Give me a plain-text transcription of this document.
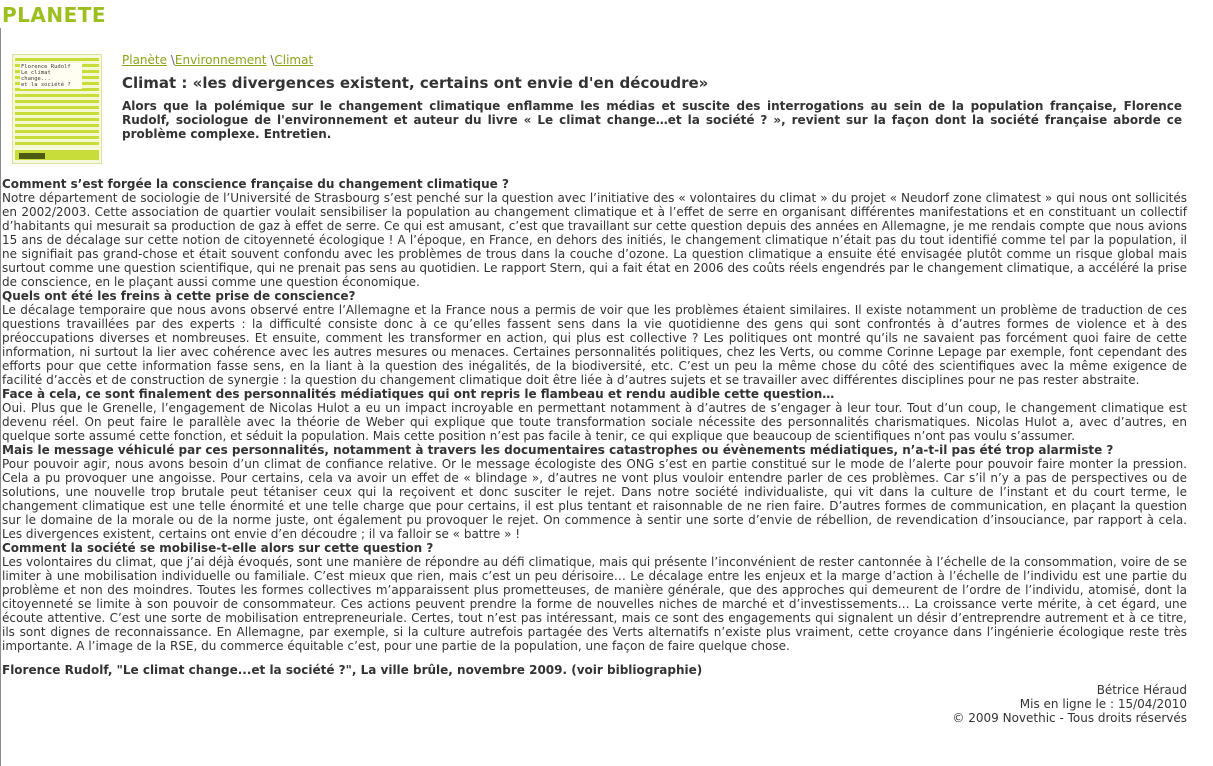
PLANETE
Florence Rudolf
Le climat change...
et la société ?
Planète \Environnement \Climat
Climat : «les divergences existent, certains ont envie d'en découdre»

Alors que la polémique sur le changement climatique enflamme les médias et suscite des interrogations au sein de la population française, Florence Rudolf, sociologue de l'environnement et auteur du livre « Le climat change…et la société ? », revient sur la façon dont la société française aborde ce problème complexe. Entretien.

Comment s’est forgée la conscience française du changement climatique ?

Notre département de sociologie de l’Université de Strasbourg s’est penché sur la question avec l’initiative des « volontaires du climat » du projet « Neudorf zone climatest » qui nous ont sollicités en 2002/2003. Cette association de quartier voulait sensibiliser la population au changement climatique et à l’effet de serre en organisant différentes manifestations et en constituant un collectif d’habitants qui mesurait sa production de gaz à effet de serre. Ce qui est amusant, c’est que travaillant sur cette question depuis des années en Allemagne, je me rendais compte que nous avions 15 ans de décalage sur cette notion de citoyenneté écologique ! A l’époque, en France, en dehors des initiés, le changement climatique n’était pas du tout identifié comme tel par la population, il ne signifiait pas grand-chose et était souvent confondu avec les problèmes de trous dans la couche d’ozone. La question climatique a ensuite été envisagée plutôt comme un risque global mais surtout comme une question scientifique, qui ne prenait pas sens au quotidien. Le rapport Stern, qui a fait état en 2006 des coûts réels engendrés par le changement climatique, a accéléré la prise de conscience, en le plaçant aussi comme une question économique.

Quels ont été les freins à cette prise de conscience?

Le décalage temporaire que nous avons observé entre l’Allemagne et la France nous a permis de voir que les problèmes étaient similaires. Il existe notamment un problème de traduction de ces questions travaillées par des experts : la difficulté consiste donc à ce qu’elles fassent sens dans la vie quotidienne des gens qui sont confrontés à d’autres formes de violence et à des préoccupations diverses et nombreuses. Et ensuite, comment les transformer en action, qui plus est collective ? Les politiques ont montré qu’ils ne savaient pas forcément quoi faire de cette information, ni surtout la lier avec cohérence avec les autres mesures ou menaces. Certaines personnalités politiques, chez les Verts, ou comme Corinne Lepage par exemple, font cependant des efforts pour que cette information fasse sens, en la liant à la question des inégalités, de la biodiversité, etc. C’est un peu la même chose du côté des scientifiques avec la même exigence de facilité d’accès et de construction de synergie : la question du changement climatique doit être liée à d’autres sujets et se travailler avec différentes disciplines pour ne pas rester abstraite.

Face à cela, ce sont finalement des personnalités médiatiques qui ont repris le flambeau et rendu audible cette question…

Oui. Plus que le Grenelle, l’engagement de Nicolas Hulot a eu un impact incroyable en permettant notamment à d’autres de s’engager à leur tour. Tout d’un coup, le changement climatique est devenu réel. On peut faire le parallèle avec la théorie de Weber qui explique que toute transformation sociale nécessite des personnalités charismatiques. Nicolas Hulot a, avec d’autres, en quelque sorte assumé cette fonction, et séduit la population. Mais cette position n’est pas facile à tenir, ce qui explique que beaucoup de scientifiques n’ont pas voulu s’assumer.

Mais le message véhiculé par ces personnalités, notamment à travers les documentaires catastrophes ou évènements médiatiques, n’a-t-il pas été trop alarmiste ?

Pour pouvoir agir, nous avons besoin d’un climat de confiance relative. Or le message écologiste des ONG s’est en partie constitué sur le mode de l’alerte pour pouvoir faire monter la pression. Cela a pu provoquer une angoisse. Pour certains, cela va avoir un effet de « blindage », d’autres ne vont plus vouloir entendre parler de ces problèmes. Car s’il n’y a pas de perspectives ou de solutions, une nouvelle trop brutale peut tétaniser ceux qui la reçoivent et donc susciter le rejet. Dans notre société individualiste, qui vit dans la culture de l’instant et du court terme, le changement climatique est une telle énormité et une telle charge que pour certains, il est plus tentant et raisonnable de ne rien faire. D’autres formes de communication, en plaçant la question sur le domaine de la morale ou de la norme juste, ont également pu provoquer le rejet. On commence à sentir une sorte d’envie de rébellion, de revendication d’insouciance, par rapport à cela. Les divergences existent, certains ont envie d’en découdre ; il va falloir se « battre » !

Comment la société se mobilise-t-elle alors sur cette question ?

Les volontaires du climat, que j’ai déjà évoqués, sont une manière de répondre au défi climatique, mais qui présente l’inconvénient de rester cantonnée à l’échelle de la consommation, voire de se limiter à une mobilisation individuelle ou familiale. C’est mieux que rien, mais c’est un peu dérisoire… Le décalage entre les enjeux et la marge d’action à l’échelle de l’individu est une partie du problème et non des moindres. Toutes les formes collectives m’apparaissent plus prometteuses, de manière générale, que des approches qui demeurent de l’ordre de l’individu, atomisé, dont la citoyenneté se limite à son pouvoir de consommateur. Ces actions peuvent prendre la forme de nouvelles niches de marché et d’investissements… La croissance verte mérite, à cet égard, une écoute attentive. C’est une sorte de mobilisation entrepreneuriale. Certes, tout n’est pas intéressant, mais ce sont des engagements qui signalent un désir d’entreprendre autrement et à ce titre, ils sont dignes de reconnaissance. En Allemagne, par exemple, si la culture autrefois partagée des Verts alternatifs n’existe plus vraiment, cette croyance dans l’ingénierie écologique reste très importante. A l’image de la RSE, du commerce équitable c’est, pour une partie de la population, une façon de faire quelque chose.

Florence Rudolf, "Le climat change...et la société ?", La ville brûle, novembre 2009. (voir bibliographie)

Bétrice Héraud
Mis en ligne le : 15/04/2010
© 2009 Novethic - Tous droits réservés
